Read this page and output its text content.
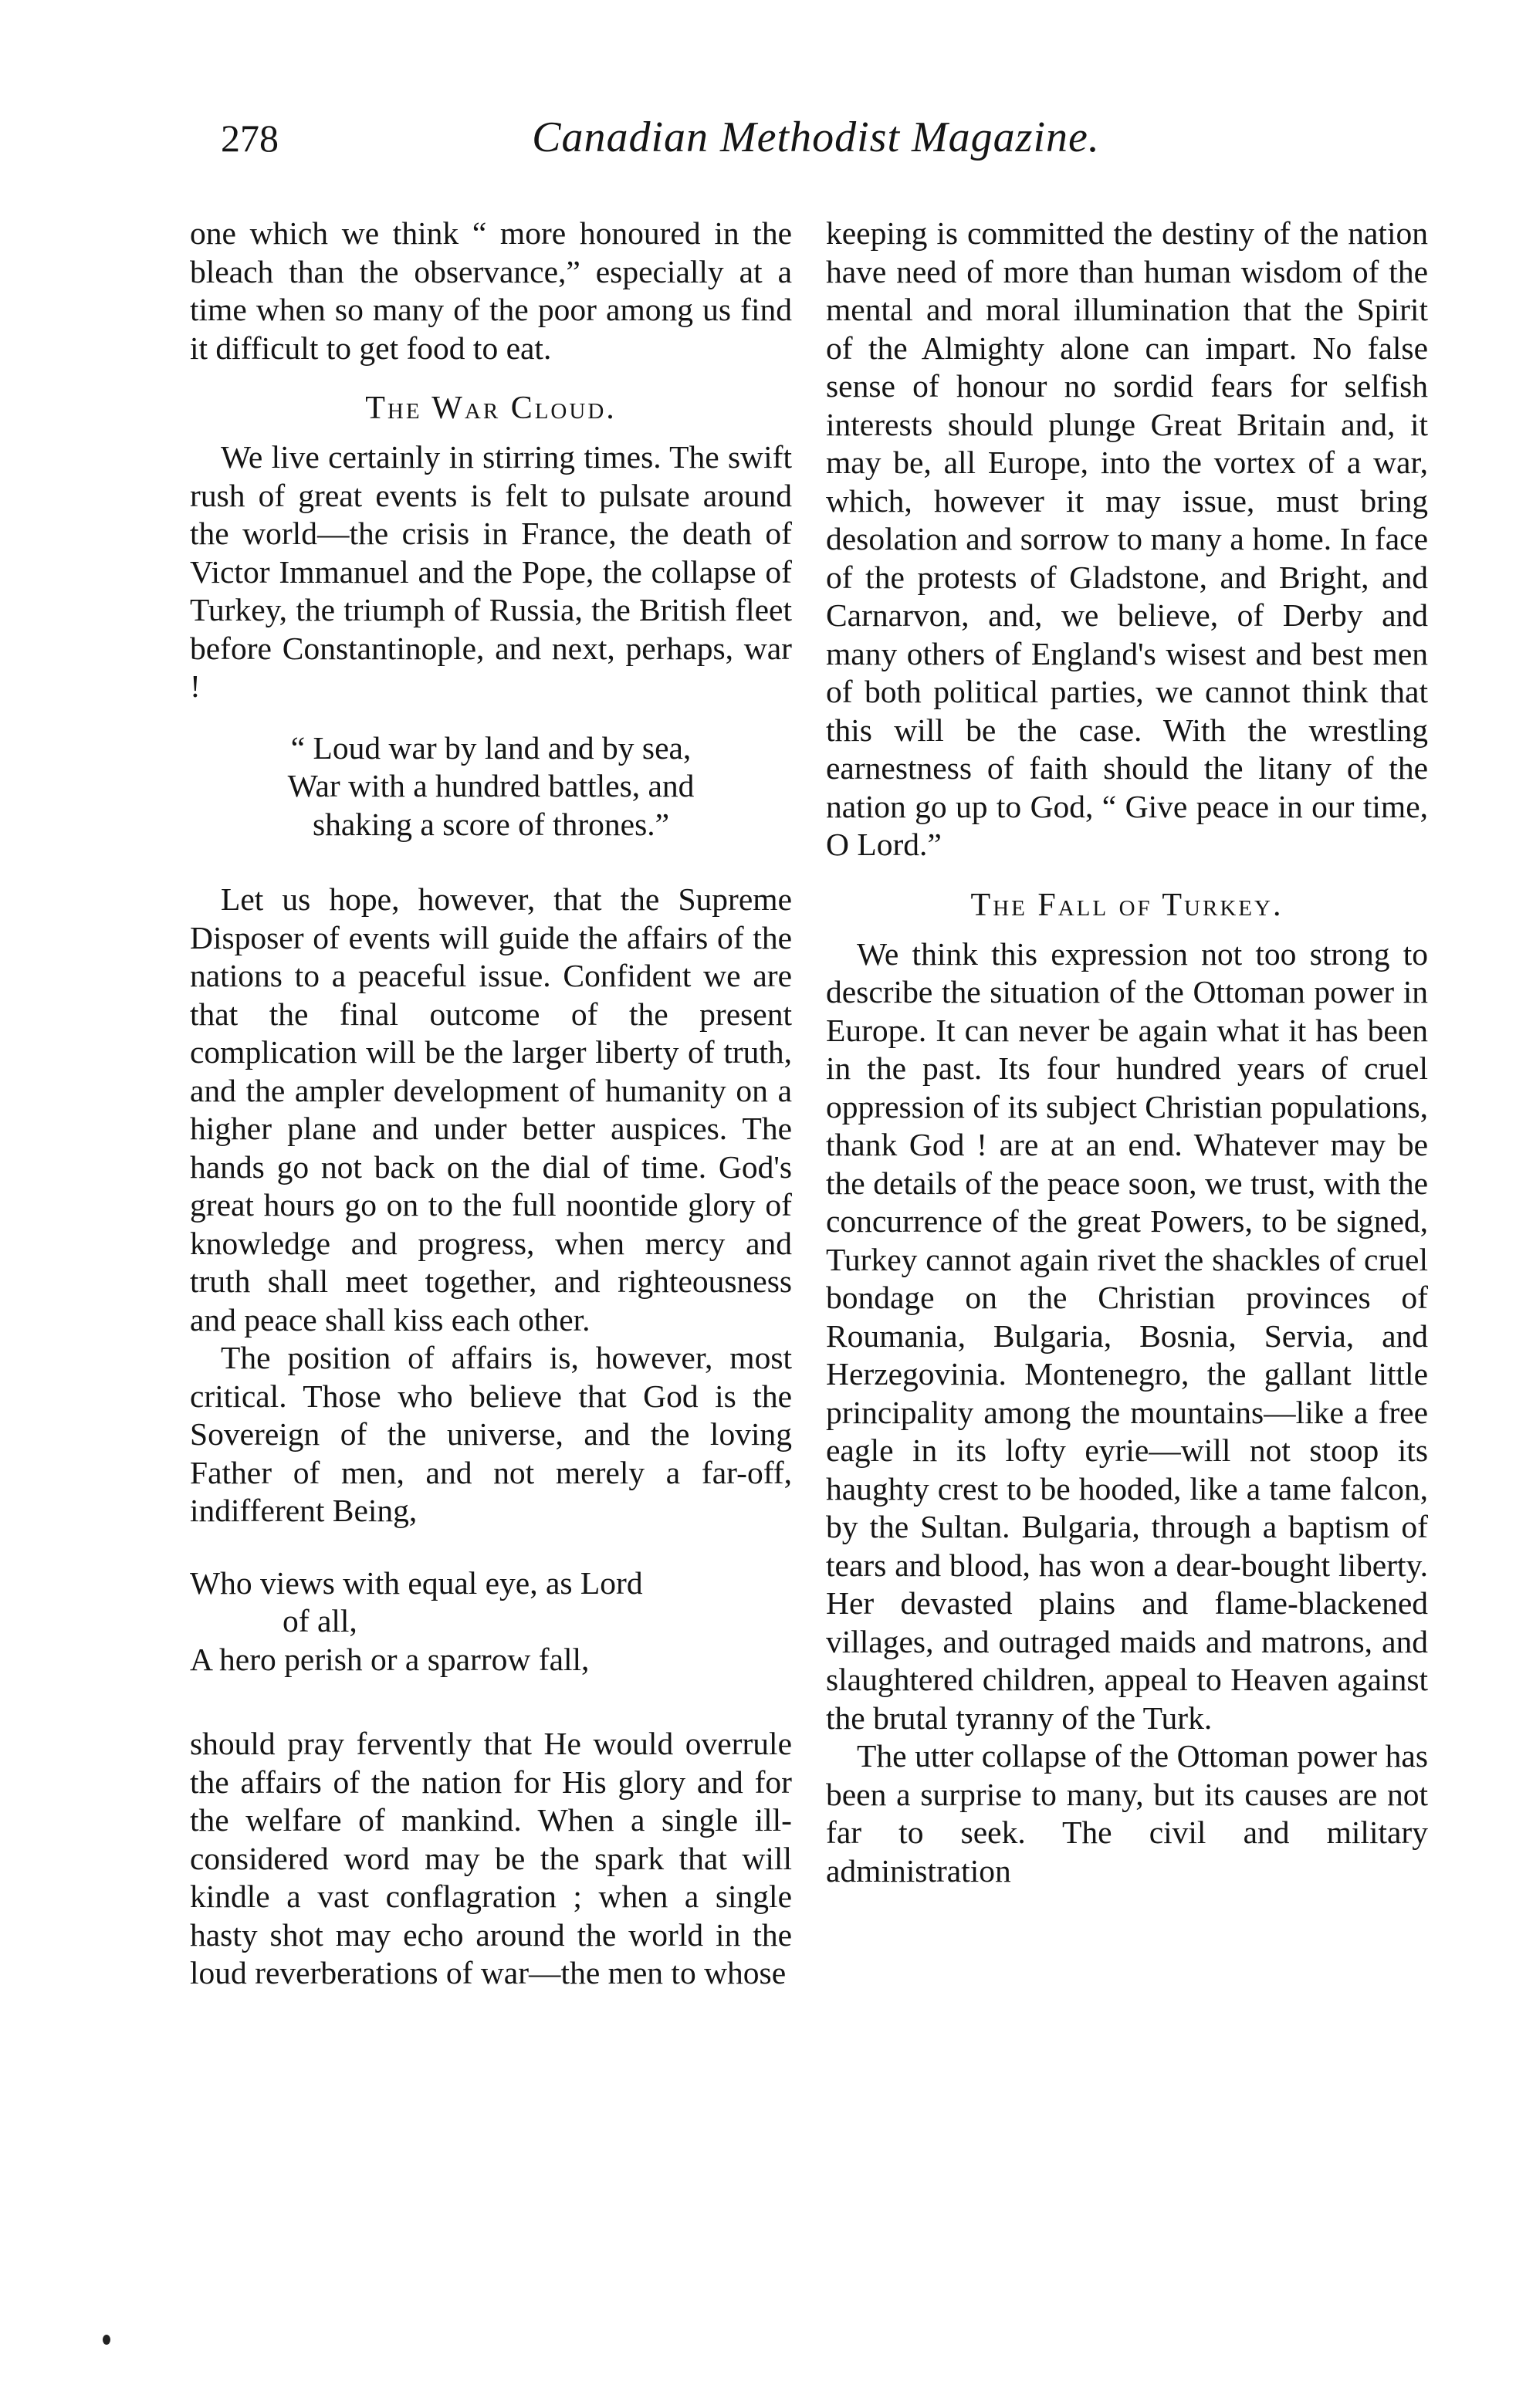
278	Canadian Methodist Magazine.

one which we think “ more honoured in the bleach than the observance,” especially at a time when so many of the poor among us find it difficult to get food to eat.

The War Cloud.

We live certainly in stirring times. The swift rush of great events is felt to pulsate around the world—the crisis in France, the death of Victor Immanuel and the Pope, the collapse of Turkey, the triumph of Russia, the British fleet before Constantinople, and next, perhaps, war !

“ Loud war by land and by sea,
War with a hundred battles, and
shaking a score of thrones.”

Let us hope, however, that the Supreme Disposer of events will guide the affairs of the nations to a peaceful issue. Confident we are that the final outcome of the present complication will be the larger liberty of truth, and the ampler development of humanity on a higher plane and under better auspices. The hands go not back on the dial of time. God's great hours go on to the full noontide glory of knowledge and progress, when mercy and truth shall meet together, and righteousness and peace shall kiss each other.

The position of affairs is, however, most critical. Those who believe that God is the Sovereign of the universe, and the loving Father of men, and not merely a far-off, indifferent Being,

Who views with equal eye, as Lord
of all,
A hero perish or a sparrow fall,

should pray fervently that He would overrule the affairs of the nation for His glory and for the welfare of mankind. When a single ill-considered word may be the spark that will kindle a vast conflagration ; when a single hasty shot may echo around the world in the loud reverberations of war—the men to whose

keeping is committed the destiny of the nation have need of more than human wisdom of the mental and moral illumination that the Spirit of the Almighty alone can impart. No false sense of honour no sordid fears for selfish interests should plunge Great Britain and, it may be, all Europe, into the vortex of a war, which, however it may issue, must bring desolation and sorrow to many a home. In face of the protests of Gladstone, and Bright, and Carnarvon, and, we believe, of Derby and many others of England's wisest and best men of both political parties, we cannot think that this will be the case. With the wrestling earnestness of faith should the litany of the nation go up to God, “ Give peace in our time, O Lord.”

The Fall of Turkey.

We think this expression not too strong to describe the situation of the Ottoman power in Europe. It can never be again what it has been in the past. Its four hundred years of cruel oppression of its subject Christian populations, thank God ! are at an end. Whatever may be the details of the peace soon, we trust, with the concurrence of the great Powers, to be signed, Turkey cannot again rivet the shackles of cruel bondage on the Christian provinces of Roumania, Bulgaria, Bosnia, Servia, and Herzegovinia. Montenegro, the gallant little principality among the mountains—like a free eagle in its lofty eyrie—will not stoop its haughty crest to be hooded, like a tame falcon, by the Sultan. Bulgaria, through a baptism of tears and blood, has won a dear-bought liberty. Her devasted plains and flame-blackened villages, and outraged maids and matrons, and slaughtered children, appeal to Heaven against the brutal tyranny of the Turk.

The utter collapse of the Ottoman power has been a surprise to many, but its causes are not far to seek. The civil and military administration
